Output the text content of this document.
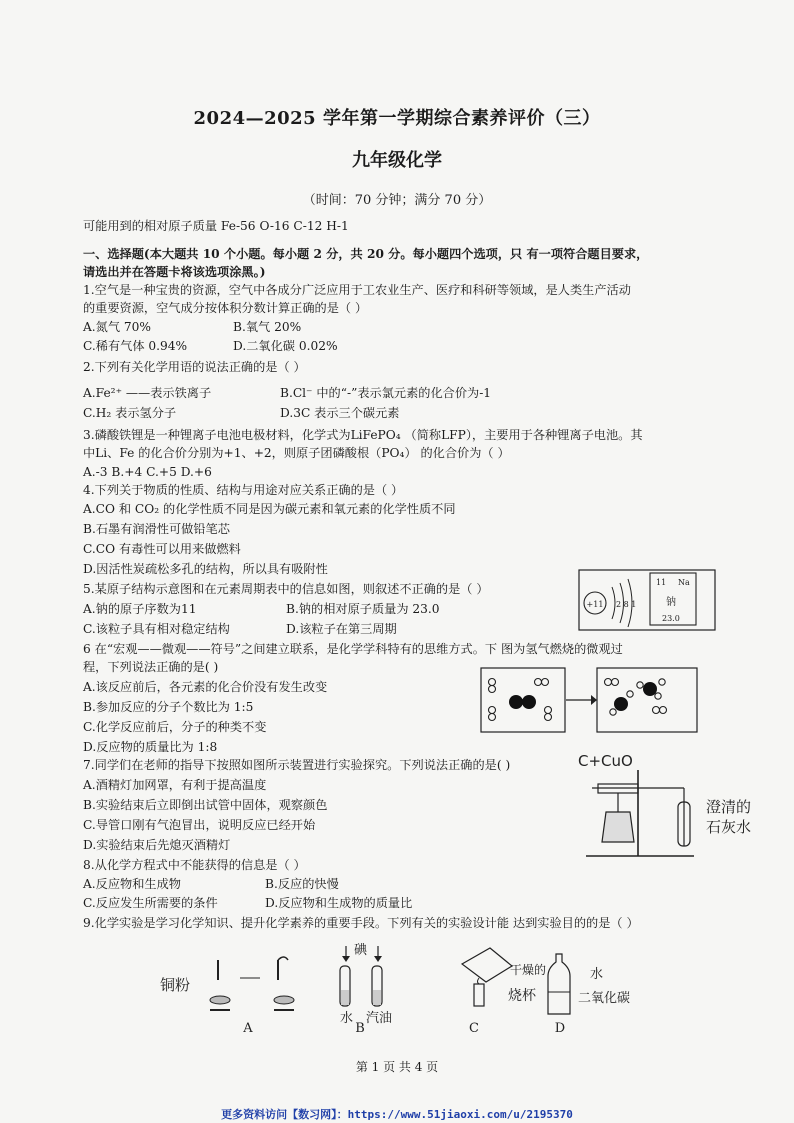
2024—2025 学年第一学期综合素养评价（三）
九年级化学
（时间：70 分钟；满分 70 分）
可能用到的相对原子质量 Fe-56 O-16 C-12 H-1
一、选择题(本大题共 10 个小题。每小题 2 分，共 20 分。每小题四个选项，只 有一项符合题目要求，
请选出并在答题卡将该选项涂黑。)
1.空气是一种宝贵的资源，空气中各成分广泛应用于工农业生产、医疗和科研等领域，是人类生产活动
的重要资源，空气成分按体积分数计算正确的是（ ）
A.氮气 70%	B.氧气 20%
C.稀有气体 0.94%	D.二氧化碳 0.02%
2.下列有关化学用语的说法正确的是（ ）
A.Fe²⁺ ——表示铁离子	B.Cl⁻ 中的“-”表示氯元素的化合价为-1
C.H₂ 表示氢分子	D.3C 表示三个碳元素
3.磷酸铁锂是一种锂离子电池电极材料，化学式为LiFePO₄ （简称LFP），主要用于各种锂离子电池。其
中Li、Fe 的化合价分别为+1、+2，则原子团磷酸根（PO₄） 的化合价为（ ）
A.-3 B.+4 C.+5 D.+6
4.下列关于物质的性质、结构与用途对应关系正确的是（ ）
A.CO 和 CO₂ 的化学性质不同是因为碳元素和氧元素的化学性质不同
B.石墨有润滑性可做铅笔芯
C.CO 有毒性可以用来做燃料
D.因活性炭疏松多孔的结构，所以具有吸附性
5.某原子结构示意图和在元素周期表中的信息如图，则叙述不正确的是（ ）
A.钠的原子序数为11	B.钠的相对原子质量为 23.0
C.该粒子具有相对稳定结构	D.该粒子在第三周期
+11 2 8 1
11 Na
钠
23.0
6 在“宏观——微观——符号”之间建立联系，是化学学科特有的思维方式。下 图为氢气燃烧的微观过
程，下列说法正确的是( )
A.该反应前后，各元素的化合价没有发生改变
B.参加反应的分子个数比为 1:5
C.化学反应前后，分子的种类不变
D.反应物的质量比为 1:8
7.同学们在老师的指导下按照如图所示装置进行实验探究。下列说法正确的是( )
A.酒精灯加网罩，有利于提高温度
B.实验结束后立即倒出试管中固体，观察颜色
C.导管口刚有气泡冒出，说明反应已经开始
D.实验结束后先熄灭酒精灯
C+CuO
澄清的
石灰水
8.从化学方程式中不能获得的信息是（ ）
A.反应物和生成物	B.反应的快慢
C.反应发生所需要的条件	D.反应物和生成物的质量比
9.化学实验是学习化学知识、提升化学素养的重要手段。下列有关的实验设计能 达到实验目的的是（ ）
铜粉
A
碘
水 汽油
干燥的
烧杯
C
水
二氧化碳
D
B
第 1 页 共 4 页
更多资料访问【数习网】：https://www.51jiaoxi.com/u/2195370
